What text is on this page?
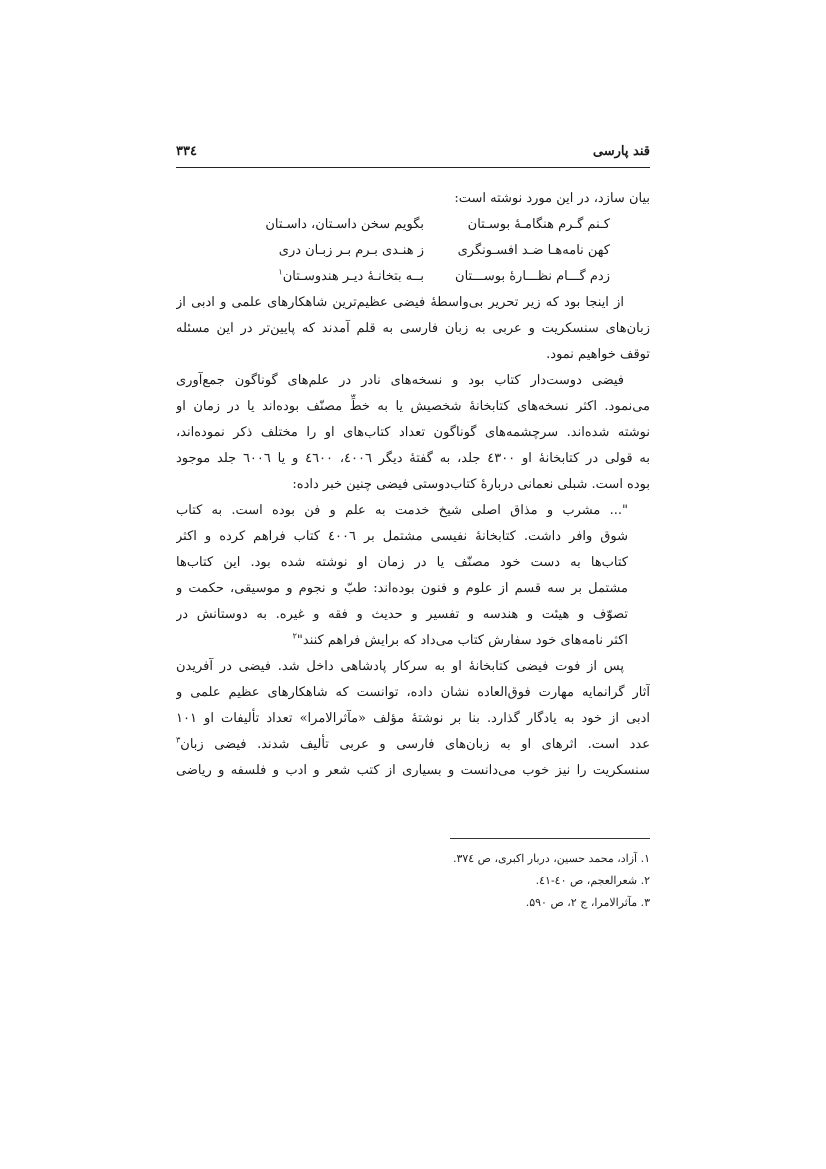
قند پارسی
۳۳٤
بیان سازد، در این مورد نوشته است:
کـنم گـرم هنگامـهٔ بوسـتان
بگویم سخن داسـتان، داسـتان
کهن نامه‌هـا ضـد افسـونگری
ز هنـدی بـرم بـر زبـان دری
زدم گـــام نظـــارهٔ بوســـتان
بــه بتخانـهٔ دیـر هندوسـتان$^۱$
از اینجا بود که زیر تحریر بی‌واسطهٔ فیضی عظیم‌ترین شاهکارهای علمی و ادبی از
زبان‌های سنسکریت و عربی به زبان فارسی به قلم آمدند که پایین‌تر در این مسئله
توقف خواهیم نمود.
فیضی دوست‌دار کتاب بود و نسخه‌های نادر در علم‌های گوناگون جمع‌آوری
می‌نمود. اکثر نسخه‌های کتابخانهٔ شخصیش یا به خطِّ مصنّف بوده‌اند یا در زمان او
نوشته شده‌اند. سرچشمه‌های گوناگون تعداد کتاب‌های او را مختلف ذکر نموده‌اند،
به قولی در کتابخانهٔ او ٤۳۰۰ جلد، به گفتهٔ دیگر ٤۰۰٦، ٤٦۰۰ و یا ٦۰۰٦ جلد موجود
بوده است. شبلی نعمانی دربارهٔ کتاب‌دوستی فیضی چنین خبر داده:
"... مشرب و مذاق اصلی شیخ خدمت به علم و فن بوده است. به کتاب
شوق وافر داشت. کتابخانهٔ نفیسی مشتمل بر ٤۰۰٦ کتاب فراهم کرده و اکثر
کتاب‌ها به دست خود مصنّف یا در زمان او نوشته شده بود. این کتاب‌ها
مشتمل بر سه قسم از علوم و فنون بوده‌اند: طبّ و نجوم و موسیقی، حکمت و
تصوّف و هیئت و هندسه و تفسیر و حدیث و فقه و غیره. به دوستانش در
اکثر نامه‌های خود سفارش کتاب می‌داد که برایش فراهم کنند"$^۲$
پس از فوت فیضی کتابخانهٔ او به سرکار پادشاهی داخل شد. فیضی در آفریدن
آثار گرانمایه مهارت فوق‌العاده نشان داده، توانست که شاهکارهای عظیم علمی و
ادبی از خود به یادگار گذارد. بنا بر نوشتهٔ مؤلف «مآثرالامرا» تعداد تألیفات او ۱۰۱
عدد است. اثرهای او به زبان‌های فارسی و عربی تألیف شدند. فیضی زبان$^۳$
سنسکریت را نیز خوب می‌دانست و بسیاری از کتب شعر و ادب و فلسفه و ریاضی
۱. آزاد، محمد حسین، دربار اکبری، ص ۳۷٤.
۲. شعرالعجم، ص ٤۰-٤۱.
۳. مآثرالامرا، ج ۲، ص ۵۹۰.
